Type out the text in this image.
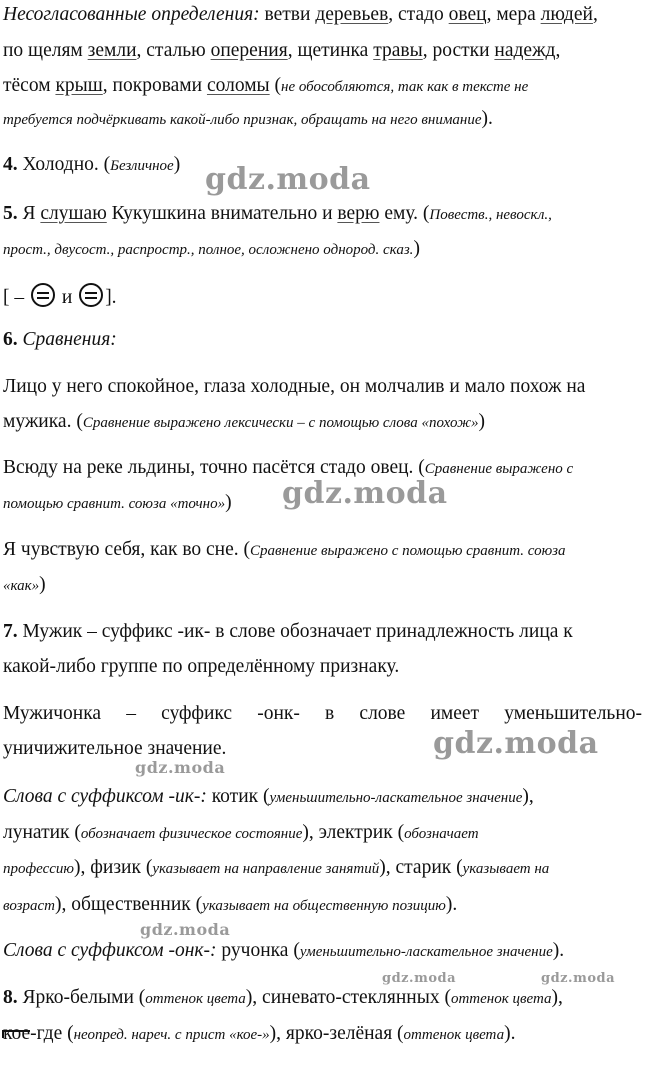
Несогласованные определения: ветви деревьев, стадо овец, мера людей,
по щелям земли, сталью оперения, щетинка травы, ростки надежд,
тёсом крыш, покровами соломы (не обособляются, так как в тексте не
требуется подчёркивать какой-либо признак, обращать на него внимание).
4. Холодно. (Безличное)
5. Я слушаю Кукушкина внимательно и верю ему. (Повеств., невоскл.,
прост., двусост., распростр., полное, осложнено однород. сказ.)
[ –  и ].
6. Сравнения:
Лицо у него спокойное, глаза холодные, он молчалив и мало похож на
мужика. (Сравнение выражено лексически – с помощью слова «похож»)
Всюду на реке льдины, точно пасётся стадо овец. (Сравнение выражено с
помощью сравнит. союза «точно»)
Я чувствую себя, как во сне. (Сравнение выражено с помощью сравнит. союза
«как»)
7. Мужик – суффикс -ик- в слове обозначает принадлежность лица к
какой-либо группе по определённому признаку.
Мужичонка – суффикс -онк- в слове имеет уменьшительно-
уничижительное значение.
Слова с суффиксом -ик-: котик (уменьшительно-ласкательное значение),
лунатик (обозначает физическое состояние), электрик (обозначает
профессию), физик (указывает на направление занятий), старик (указывает на
возраст), общественник (указывает на общественную позицию).
Слова с суффиксом -онк-: ручонка (уменьшительно-ласкательное значение).
8. Ярко-белыми (оттенок цвета), синевато-стеклянных (оттенок цвета),
кое-где (неопред. нареч. с прист «кое-»), ярко-зелёная (оттенок цвета).
gdz.moda
gdz.moda
gdz.moda
gdz.moda
gdz.moda
gdz.moda	gdz.moda
